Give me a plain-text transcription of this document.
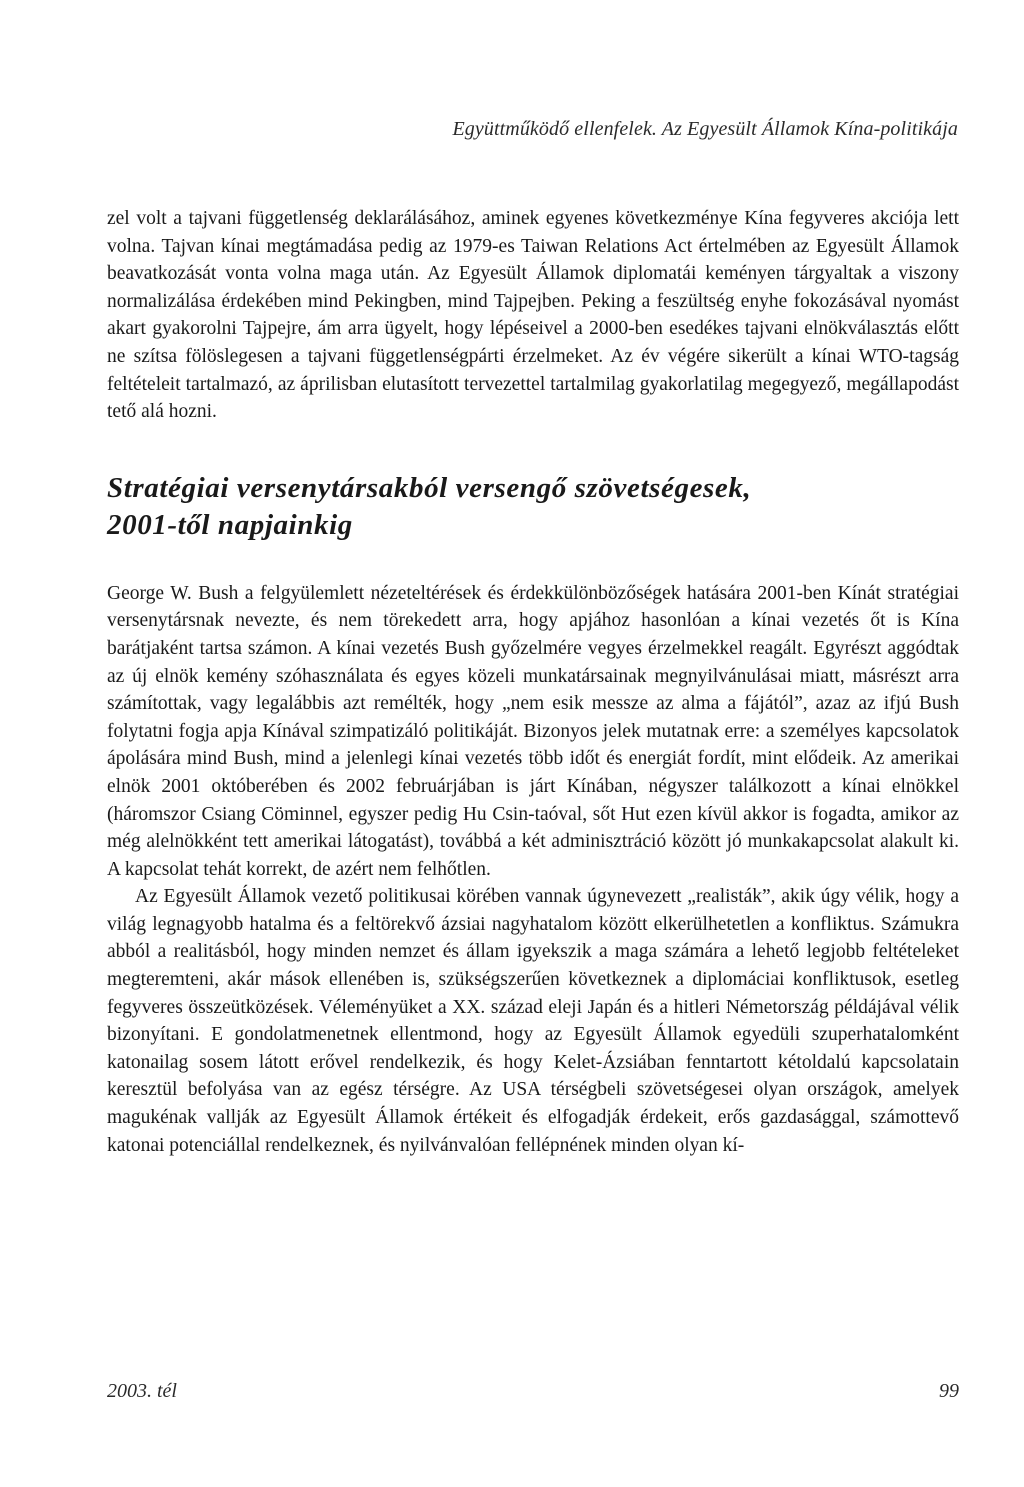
Együttműködő ellenfelek. Az Egyesült Államok Kína-politikája

zel volt a tajvani függetlenség deklarálásához, aminek egyenes következménye Kína fegyveres akciója lett volna. Tajvan kínai megtámadása pedig az 1979-es Taiwan Relations Act értelmében az Egyesült Államok beavatkozását vonta volna maga után. Az Egyesült Államok diplomatái keményen tárgyaltak a viszony normalizálása érdekében mind Pekingben, mind Tajpejben. Peking a feszültség enyhe fokozásával nyomást akart gyakorolni Tajpejre, ám arra ügyelt, hogy lépéseivel a 2000-ben esedékes tajvani elnökválasztás előtt ne szítsa fölöslegesen a tajvani függetlenségpárti érzelmeket. Az év végére sikerült a kínai WTO-tagság feltételeit tartalmazó, az áprilisban elutasított tervezettel tartalmilag gyakorlatilag megegyező, megállapodást tető alá hozni.

Stratégiai versenytársakból versengő szövetségesek,
2001-től napjainkig

George W. Bush a felgyülemlett nézeteltérések és érdekkülönbözőségek hatására 2001-ben Kínát stratégiai versenytársnak nevezte, és nem törekedett arra, hogy apjához hasonlóan a kínai vezetés őt is Kína barátjaként tartsa számon. A kínai vezetés Bush győzelmére vegyes érzelmekkel reagált. Egyrészt aggódtak az új elnök kemény szóhasználata és egyes közeli munkatársainak megnyilvánulásai miatt, másrészt arra számítottak, vagy legalábbis azt remélték, hogy „nem esik messze az alma a fájától”, azaz az ifjú Bush folytatni fogja apja Kínával szimpatizáló politikáját. Bizonyos jelek mutatnak erre: a személyes kapcsolatok ápolására mind Bush, mind a jelenlegi kínai vezetés több időt és energiát fordít, mint elődeik. Az amerikai elnök 2001 októberében és 2002 februárjában is járt Kínában, négyszer találkozott a kínai elnökkel (háromszor Csiang Cöminnel, egyszer pedig Hu Csin-taóval, sőt Hut ezen kívül akkor is fogadta, amikor az még alelnökként tett amerikai látogatást), továbbá a két adminisztráció között jó munkakapcsolat alakult ki. A kapcsolat tehát korrekt, de azért nem felhőtlen.

Az Egyesült Államok vezető politikusai körében vannak úgynevezett „realisták”, akik úgy vélik, hogy a világ legnagyobb hatalma és a feltörekvő ázsiai nagyhatalom között elkerülhetetlen a konfliktus. Számukra abból a realitásból, hogy minden nemzet és állam igyekszik a maga számára a lehető legjobb feltételeket megteremteni, akár mások ellenében is, szükségszerűen következnek a diplomáciai konfliktusok, esetleg fegyveres összeütközések. Véleményüket a XX. század eleji Japán és a hitleri Németország példájával vélik bizonyítani. E gondolatmenetnek ellentmond, hogy az Egyesült Államok egyedüli szuperhatalomként katonailag sosem látott erővel rendelkezik, és hogy Kelet-Ázsiában fenntartott kétoldalú kapcsolatain keresztül befolyása van az egész térségre. Az USA térségbeli szövetségesei olyan országok, amelyek magukénak vallják az Egyesült Államok értékeit és elfogadják érdekeit, erős gazdasággal, számottevő katonai potenciállal rendelkeznek, és nyilvánvalóan fellépnének minden olyan kí-

2003. tél	99
